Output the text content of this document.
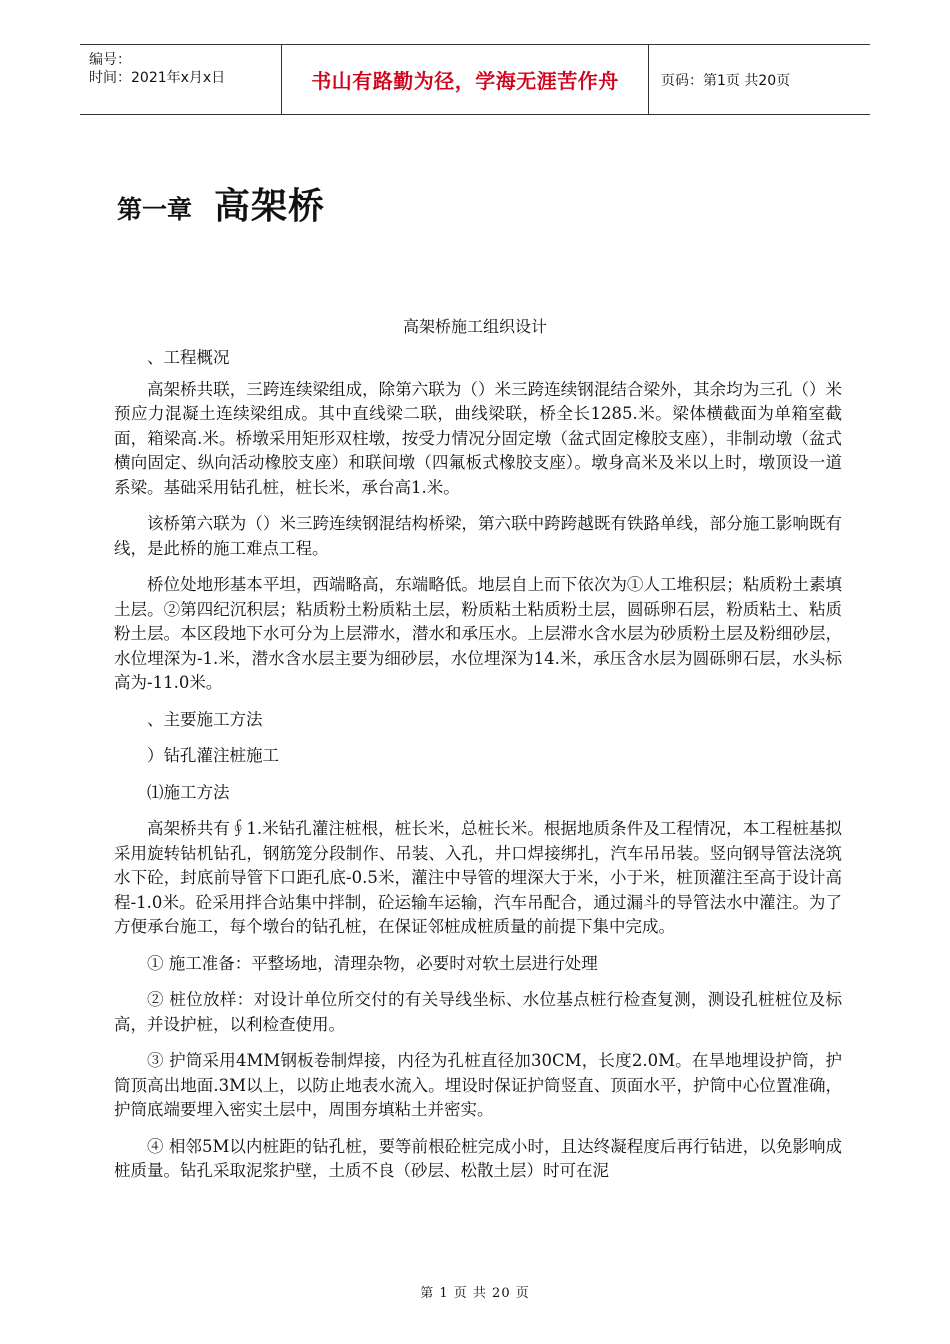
编号：
时间：2021年x月x日	书山有路勤为径，学海无涯苦作舟	页码：第1页 共20页
第一章 高架桥
高架桥施工组织设计

、工程概况

高架桥共联，三跨连续梁组成，除第六联为（）米三跨连续钢混结合梁外，其余均为三孔（）米预应力混凝土连续梁组成。其中直线梁二联，曲线梁联，桥全长1285.米。梁体横截面为单箱室截面，箱梁高.米。桥墩采用矩形双柱墩，按受力情况分固定墩（盆式固定橡胶支座），非制动墩（盆式横向固定、纵向活动橡胶支座）和联间墩（四氟板式橡胶支座）。墩身高米及米以上时，墩顶设一道系梁。基础采用钻孔桩，桩长米，承台高1.米。

该桥第六联为（）米三跨连续钢混结构桥梁，第六联中跨跨越既有铁路单线，部分施工影响既有线，是此桥的施工难点工程。

桥位处地形基本平坦，西端略高，东端略低。地层自上而下依次为①人工堆积层；粘质粉土素填土层。②第四纪沉积层；粘质粉土粉质粘土层，粉质粘土粘质粉土层，圆砾卵石层，粉质粘土、粘质粉土层。本区段地下水可分为上层滞水，潜水和承压水。上层滞水含水层为砂质粉土层及粉细砂层，水位埋深为-1.米，潜水含水层主要为细砂层，水位埋深为14.米，承压含水层为圆砾卵石层，水头标高为-11.0米。

、主要施工方法

）钻孔灌注桩施工

⑴施工方法

高架桥共有∮1.米钻孔灌注桩根，桩长米，总桩长米。根据地质条件及工程情况，本工程桩基拟采用旋转钻机钻孔，钢筋笼分段制作、吊装、入孔，井口焊接绑扎，汽车吊吊装。竖向钢导管法浇筑水下砼，封底前导管下口距孔底-0.5米，灌注中导管的埋深大于米，小于米，桩顶灌注至高于设计高程-1.0米。砼采用拌合站集中拌制，砼运输车运输，汽车吊配合，通过漏斗的导管法水中灌注。为了方便承台施工，每个墩台的钻孔桩，在保证邻桩成桩质量的前提下集中完成。

① 施工准备：平整场地，清理杂物，必要时对软土层进行处理

② 桩位放样：对设计单位所交付的有关导线坐标、水位基点桩行检查复测，测设孔桩桩位及标高，并设护桩，以利检查使用。

③ 护筒采用4MM钢板卷制焊接，内径为孔桩直径加30CM，长度2.0M。在旱地埋设护筒，护筒顶高出地面.3M以上，以防止地表水流入。埋设时保证护筒竖直、顶面水平，护筒中心位置准确，护筒底端要埋入密实土层中，周围夯填粘土并密实。

④ 相邻5M以内桩距的钻孔桩，要等前根砼桩完成小时，且达终凝程度后再行钻进，以免影响成桩质量。钻孔采取泥浆护壁，土质不良（砂层、松散土层）时可在泥

第 1 页 共 20 页
